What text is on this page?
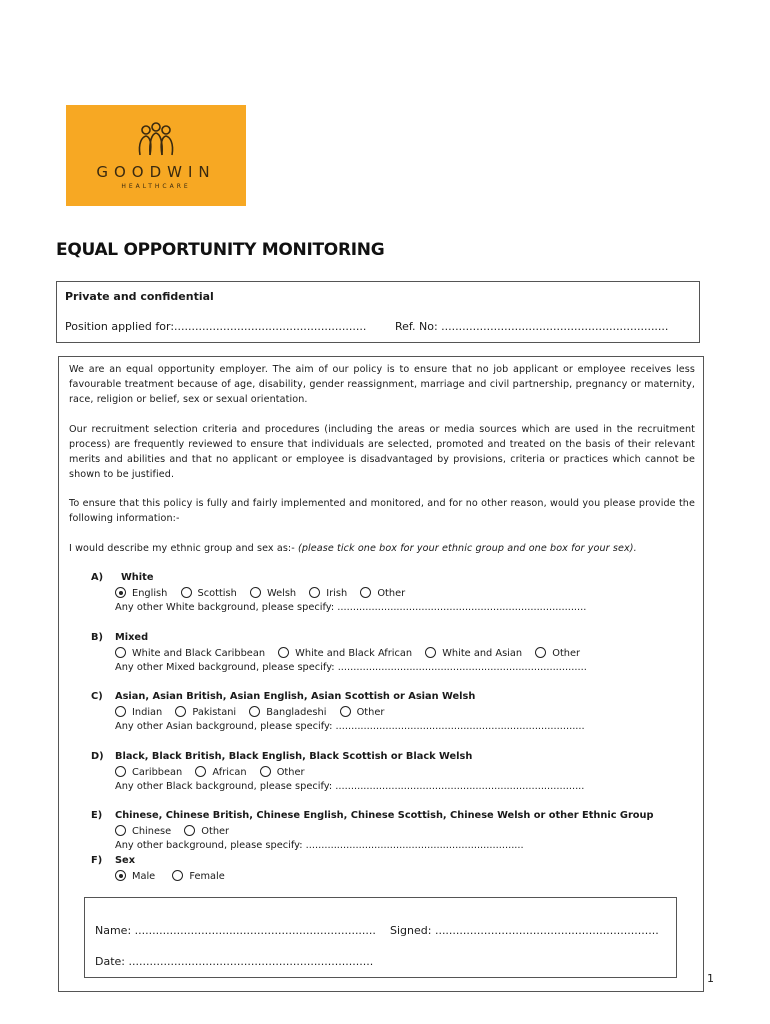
GOODWIN
HEALTHCARE
EQUAL OPPORTUNITY MONITORING
Private and confidential
Position applied for:.......................................................	Ref. No: .................................................................
We are an equal opportunity employer. The aim of our policy is to ensure that no job applicant or employee receives less favourable treatment because of age, disability, gender reassignment, marriage and civil partnership, pregnancy or maternity, race, religion or belief, sex or sexual orientation.
Our recruitment selection criteria and procedures (including the areas or media sources which are used in the recruitment process) are frequently reviewed to ensure that individuals are selected, promoted and treated on the basis of their relevant merits and abilities and that no applicant or employee is disadvantaged by provisions, criteria or practices which cannot be shown to be justified.
To ensure that this policy is fully and fairly implemented and monitored, and for no other reason, would you please provide the following information:-
I would describe my ethnic group and sex as:- (please tick one box for your ethnic group and one box for your sex).
A) White
English	Scottish	Welsh	Irish	Other
Any other White background, please specify: ................................................................................
B) Mixed
White and Black Caribbean	White and Black African	White and Asian	Other
Any other Mixed background, please specify: ................................................................................
C) Asian, Asian British, Asian English, Asian Scottish or Asian Welsh
Indian	Pakistani	Bangladeshi	Other
Any other Asian background, please specify: ................................................................................
D) Black, Black British, Black English, Black Scottish or Black Welsh
Caribbean	African	Other
Any other Black background, please specify: ................................................................................
E) Chinese, Chinese British, Chinese English, Chinese Scottish, Chinese Welsh or other Ethnic Group
Chinese	Other
Any other background, please specify: ......................................................................
F) Sex
Male	Female
Name: ..................................................................... Signed: ................................................................
Date: ......................................................................
1
